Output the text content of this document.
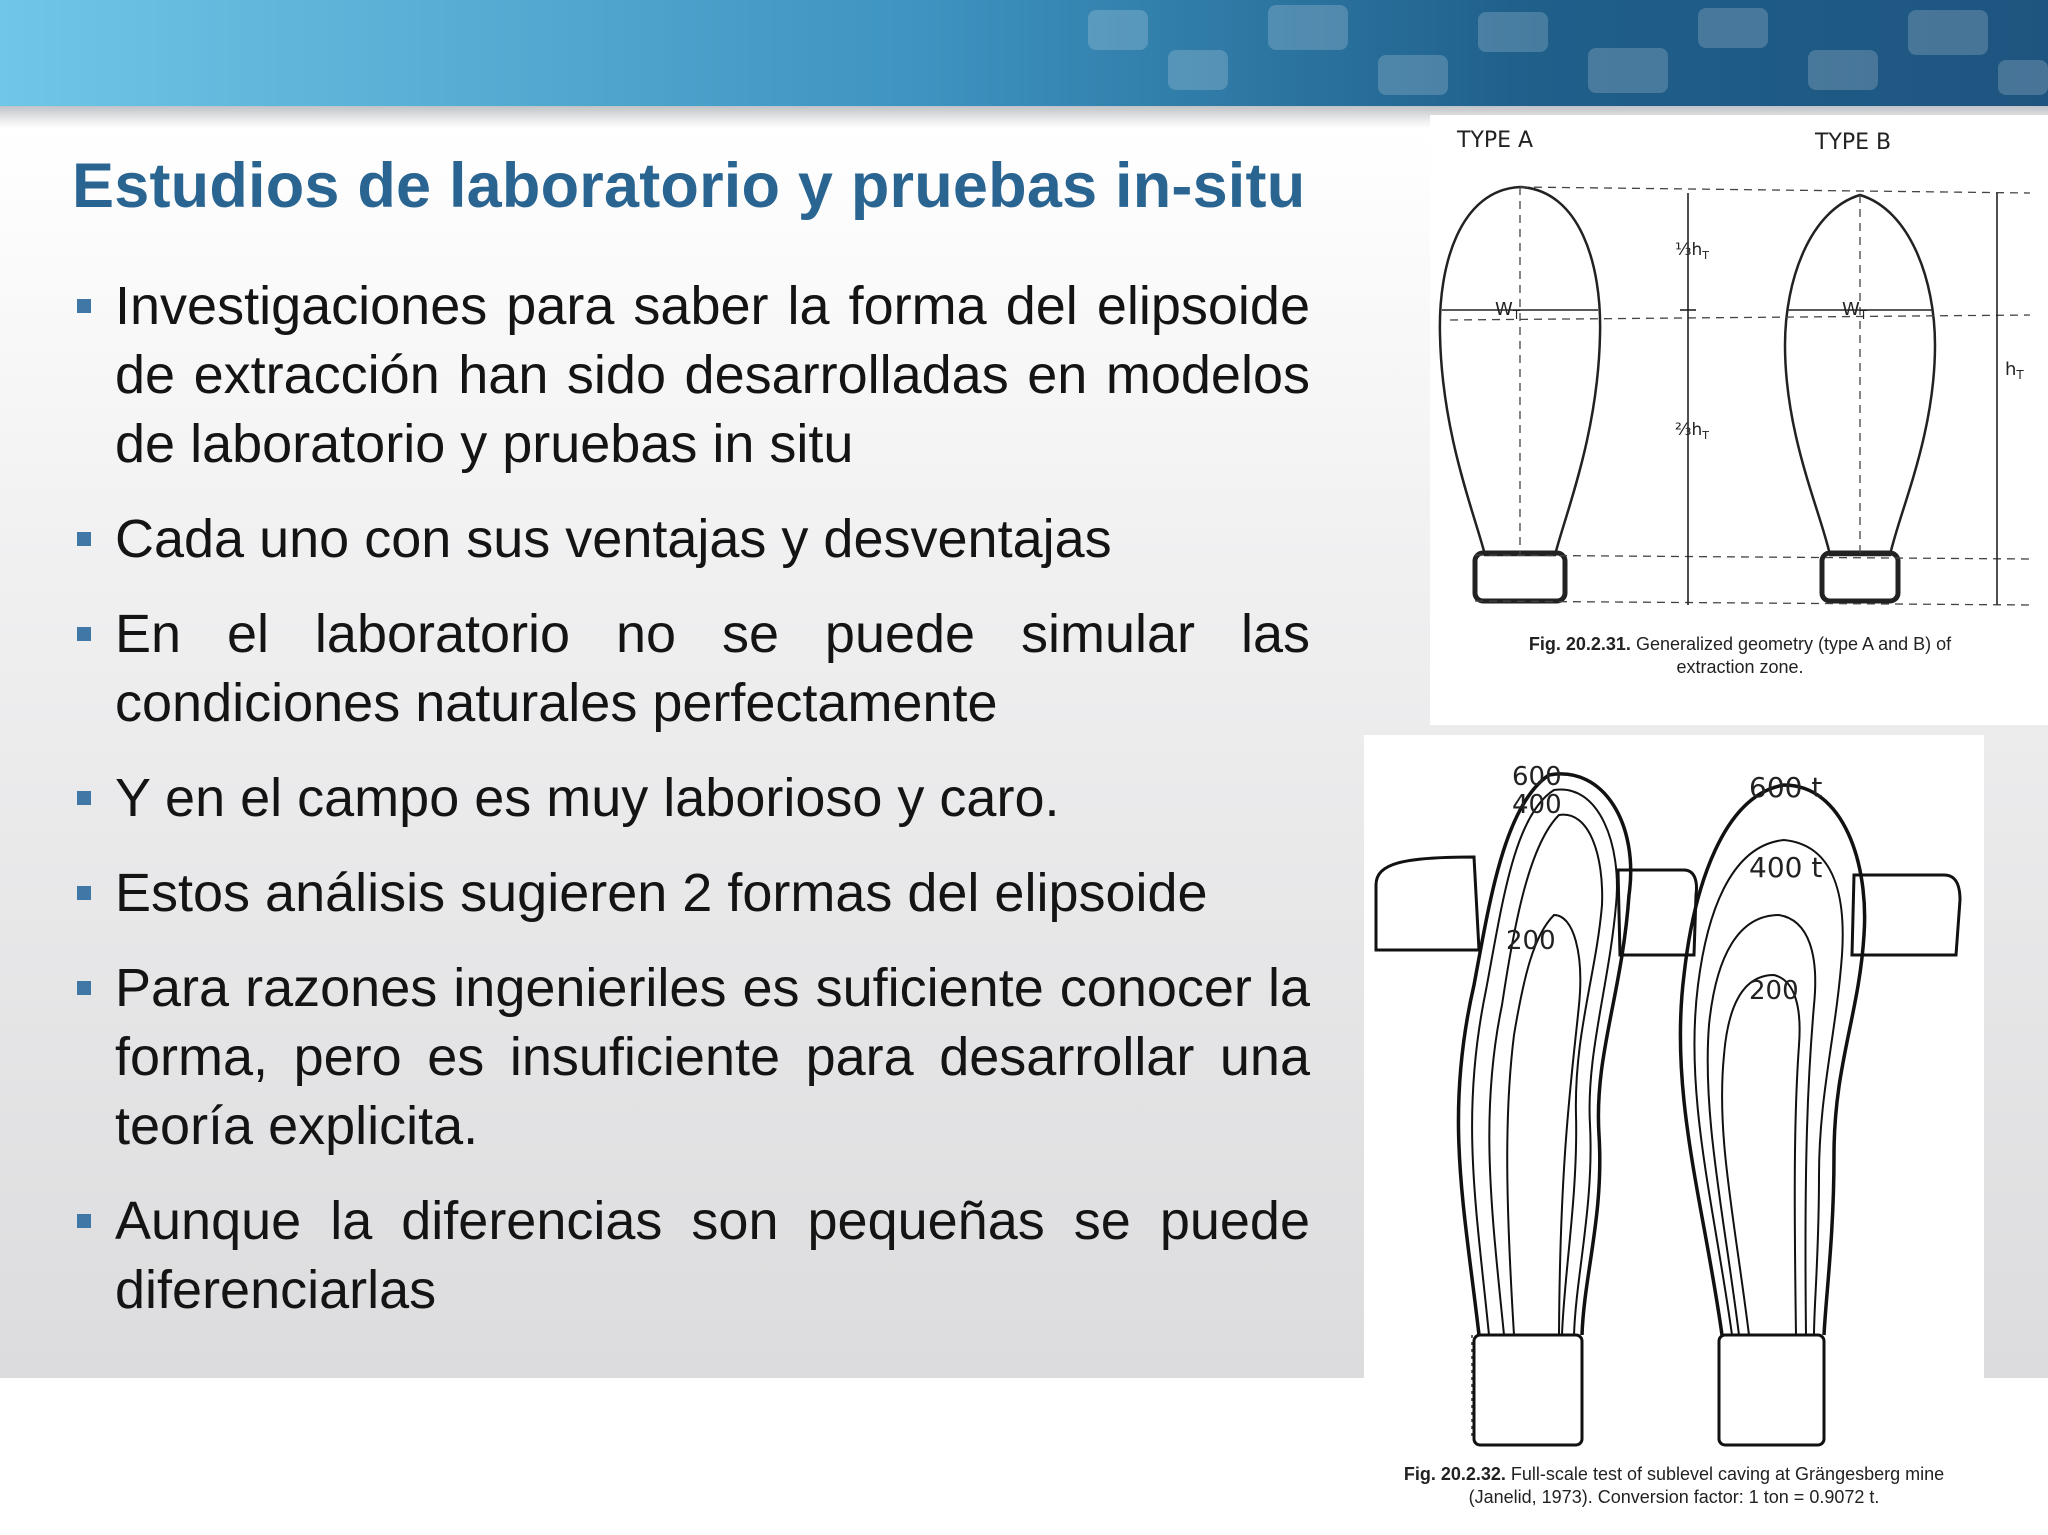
Estudios de laboratorio y pruebas in-situ
Investigaciones para saber la forma del elipsoide de extracción han sido desarrolladas en modelos de laboratorio y pruebas in situ
Cada uno con sus ventajas y desventajas
En el laboratorio no se puede simular las condiciones naturales perfectamente
Y en el campo es muy laborioso y caro.
Estos análisis sugieren 2 formas del elipsoide
Para razones ingenieriles es suficiente conocer la forma, pero es insuficiente para desarrollar una teoría explicita.
Aunque la diferencias son pequeñas se puede diferenciarlas
TYPE A	TYPE B
$W_T$	$W_T$
$\frac{1}{3}h_T$
$\frac{2}{3}h_T$
$h_T$
Fig. 20.2.31. Generalized geometry (type A and B) of
extraction zone.
600
400
200
600 t
400 t
200
Fig. 20.2.32. Full-scale test of sublevel caving at Grängesberg mine
(Janelid, 1973). Conversion factor: 1 ton = 0.9072 t.
